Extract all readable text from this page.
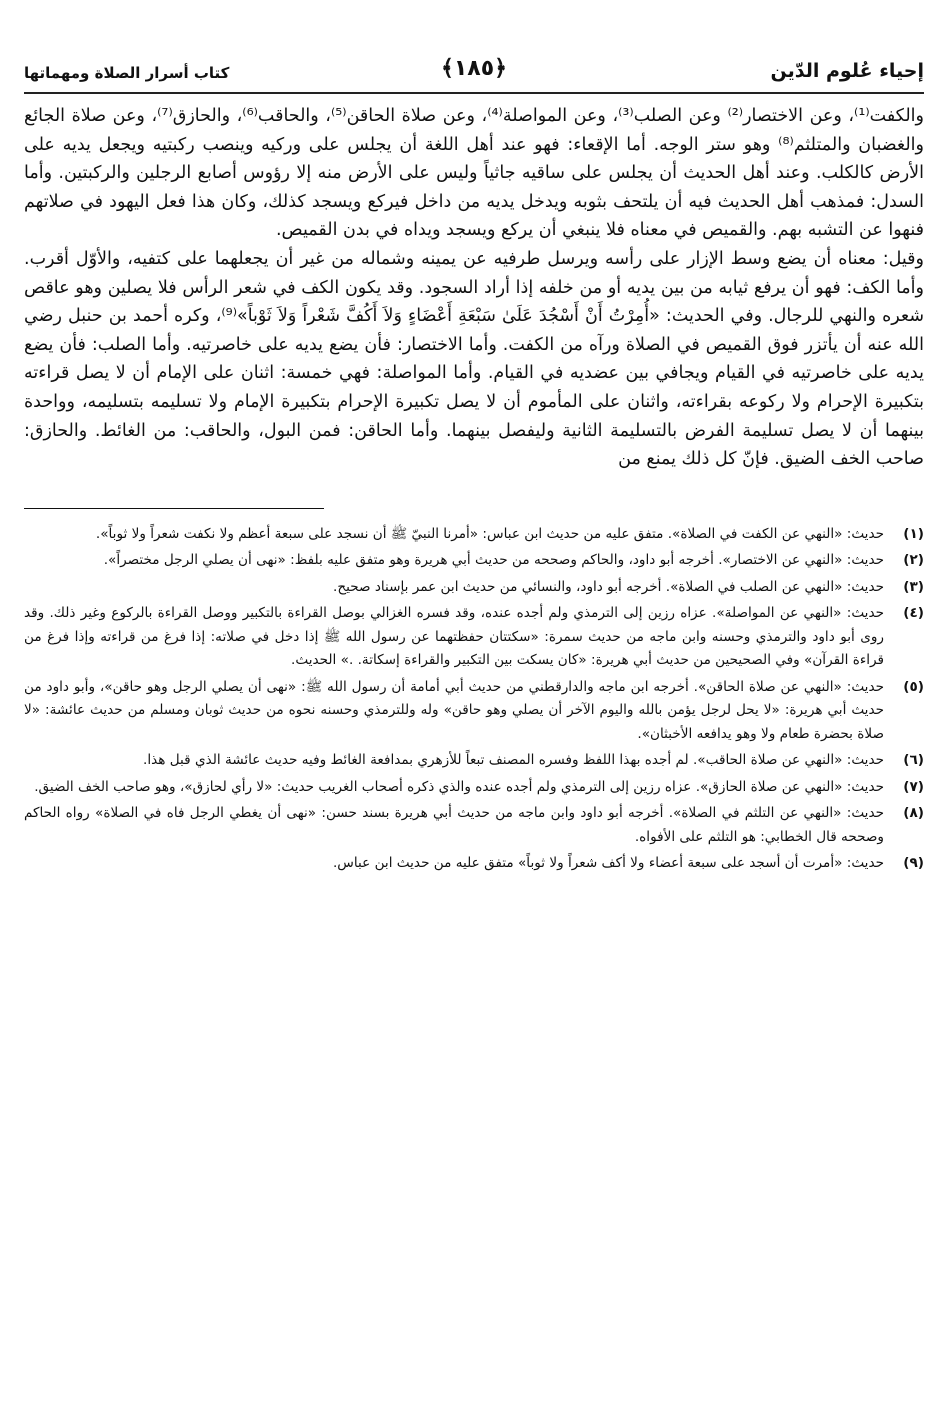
إحياء عُلوم الدّين
﴿١٨٥﴾
كتاب أسرار الصلاة ومهماتها

والكفت⁽¹⁾، وعن الاختصار⁽²⁾ وعن الصلب⁽³⁾، وعن المواصلة⁽⁴⁾، وعن صلاة الحاقن⁽⁵⁾، والحاقب⁽⁶⁾، والحازق⁽⁷⁾، وعن صلاة الجائع والغضبان والمتلثم⁽⁸⁾ وهو ستر الوجه. أما الإقعاء: فهو عند أهل اللغة أن يجلس على وركيه وينصب ركبتيه ويجعل يديه على الأرض كالكلب. وعند أهل الحديث أن يجلس على ساقيه جاثياً وليس على الأرض منه إلا رؤوس أصابع الرجلين والركبتين. وأما السدل: فمذهب أهل الحديث فيه أن يلتحف بثوبه ويدخل يديه من داخل فيركع ويسجد كذلك، وكان هذا فعل اليهود في صلاتهم فنهوا عن التشبه بهم. والقميص في معناه فلا ينبغي أن يركع ويسجد ويداه في بدن القميص.

وقيل: معناه أن يضع وسط الإزار على رأسه ويرسل طرفيه عن يمينه وشماله من غير أن يجعلهما على كتفيه، والأوّل أقرب. وأما الكف: فهو أن يرفع ثيابه من بين يديه أو من خلفه إذا أراد السجود. وقد يكون الكف في شعر الرأس فلا يصلين وهو عاقص شعره والنهي للرجال. وفي الحديث: «أُمِرْتُ أَنْ أَسْجُدَ عَلَىٰ سَبْعَةِ أَعْضَاءٍ وَلاَ أَكُفَّ شَعْراً وَلاَ ثَوْباً»⁽⁹⁾، وكره أحمد بن حنبل رضي الله عنه أن يأتزر فوق القميص في الصلاة ورآه من الكفت. وأما الاختصار: فأن يضع يديه على خاصرتيه. وأما الصلب: فأن يضع يديه على خاصرتيه في القيام ويجافي بين عضديه في القيام. وأما المواصلة: فهي خمسة: اثنان على الإمام أن لا يصل قراءته بتكبيرة الإحرام ولا ركوعه بقراءته، واثنان على المأموم أن لا يصل تكبيرة الإحرام بتكبيرة الإمام ولا تسليمه بتسليمه، وواحدة بينهما أن لا يصل تسليمة الفرض بالتسليمة الثانية وليفصل بينهما. وأما الحاقن: فمن البول، والحاقب: من الغائط. والحازق: صاحب الخف الضيق. فإنّ كل ذلك يمنع من

(١)
حديث: «النهي عن الكفت في الصلاة». متفق عليه من حديث ابن عباس: «أمرنا النبيّ ﷺ أن نسجد على سبعة أعظم ولا نكفت شعراً ولا ثوباً».
(٢)
حديث: «النهي عن الاختصار». أخرجه أبو داود، والحاكم وصححه من حديث أبي هريرة وهو متفق عليه بلفظ: «نهى أن يصلي الرجل مختصراً».
(٣)
حديث: «النهي عن الصلب في الصلاة». أخرجه أبو داود، والنسائي من حديث ابن عمر بإسناد صحيح.
(٤)
حديث: «النهي عن المواصلة». عزاه رزين إلى الترمذي ولم أجده عنده، وقد فسره الغزالي بوصل القراءة بالتكبير ووصل القراءة بالركوع وغير ذلك. وقد روى أبو داود والترمذي وحسنه وابن ماجه من حديث سمرة: «سكتتان حفظتهما عن رسول الله ﷺ إذا دخل في صلاته: إذا فرغ من قراءته وإذا فرغ من قراءة القرآن» وفي الصحيحين من حديث أبي هريرة: «كان يسكت بين التكبير والقراءة إسكاتة. .» الحديث.
(٥)
حديث: «النهي عن صلاة الحاقن». أخرجه ابن ماجه والدارقطني من حديث أبي أمامة أن رسول الله ﷺ: «نهى أن يصلي الرجل وهو حاقن»، وأبو داود من حديث أبي هريرة: «لا يحل لرجل يؤمن بالله واليوم الآخر أن يصلي وهو حاقن» وله وللترمذي وحسنه نحوه من حديث ثوبان ومسلم من حديث عائشة: «لا صلاة بحضرة طعام ولا وهو يدافعه الأخبثان».
(٦)
حديث: «النهي عن صلاة الحاقب». لم أجده بهذا اللفظ وفسره المصنف تبعاً للأزهري بمدافعة الغائط وفيه حديث عائشة الذي قبل هذا.
(٧)
حديث: «النهي عن صلاة الحازق». عزاه رزين إلى الترمذي ولم أجده عنده والذي ذكره أصحاب الغريب حديث: «لا رأي لحازق»، وهو صاحب الخف الضيق.
(٨)
حديث: «النهي عن التلثم في الصلاة». أخرجه أبو داود وابن ماجه من حديث أبي هريرة بسند حسن: «نهى أن يغطي الرجل فاه في الصلاة» رواه الحاكم وصححه قال الخطابي: هو التلثم على الأفواه.
(٩)
حديث: «أمرت أن أسجد على سبعة أعضاء ولا أكف شعراً ولا ثوباً» متفق عليه من حديث ابن عباس.
